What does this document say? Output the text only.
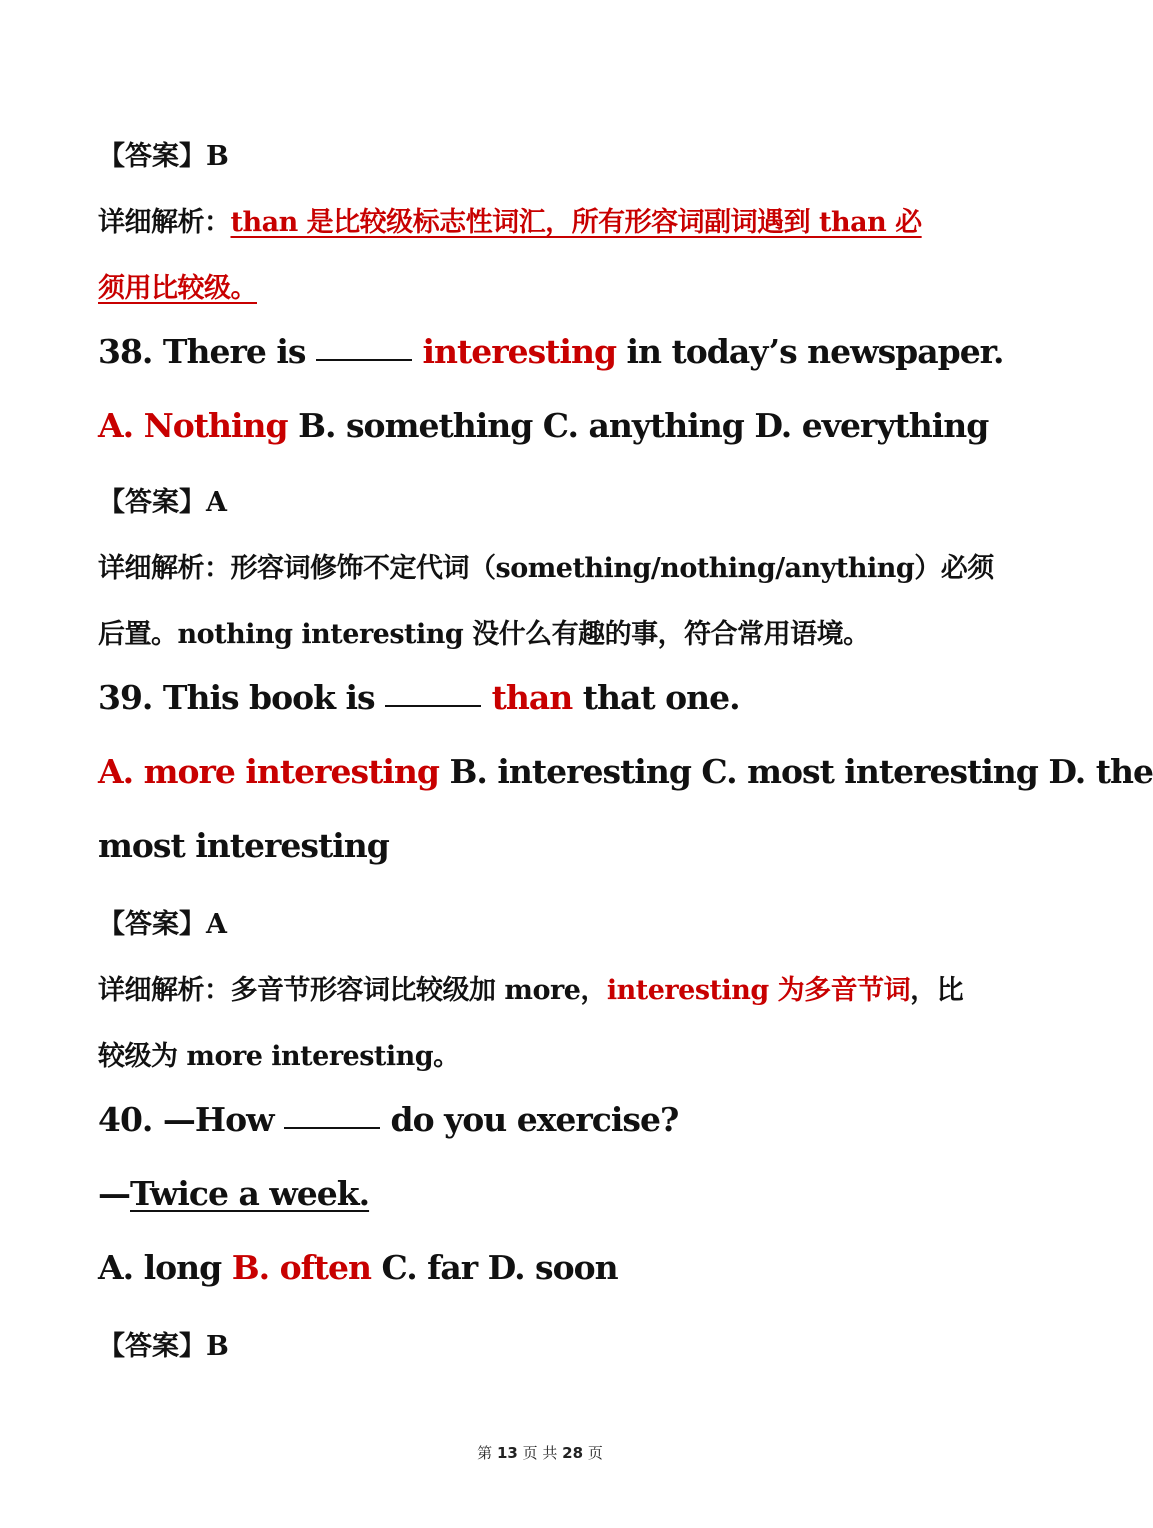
【答案】B
详细解析：than 是比较级标志性词汇，所有形容词副词遇到 than 必
须用比较级。
38. There is	interesting in today’s newspaper.
A. Nothing B. something C. anything D. everything
【答案】A
详细解析：形容词修饰不定代词（something/nothing/anything）必须
后置。nothing interesting 没什么有趣的事，符合常用语境。
39. This book is	than that one.
A. more interesting B. interesting C. most interesting D. the
most interesting
【答案】A
详细解析：多音节形容词比较级加 more，interesting 为多音节词，比
较级为 more interesting。
40. —How	do you exercise?
—Twice a week.
A. long B. often C. far D. soon
【答案】B
第 13 页 共 28 页
